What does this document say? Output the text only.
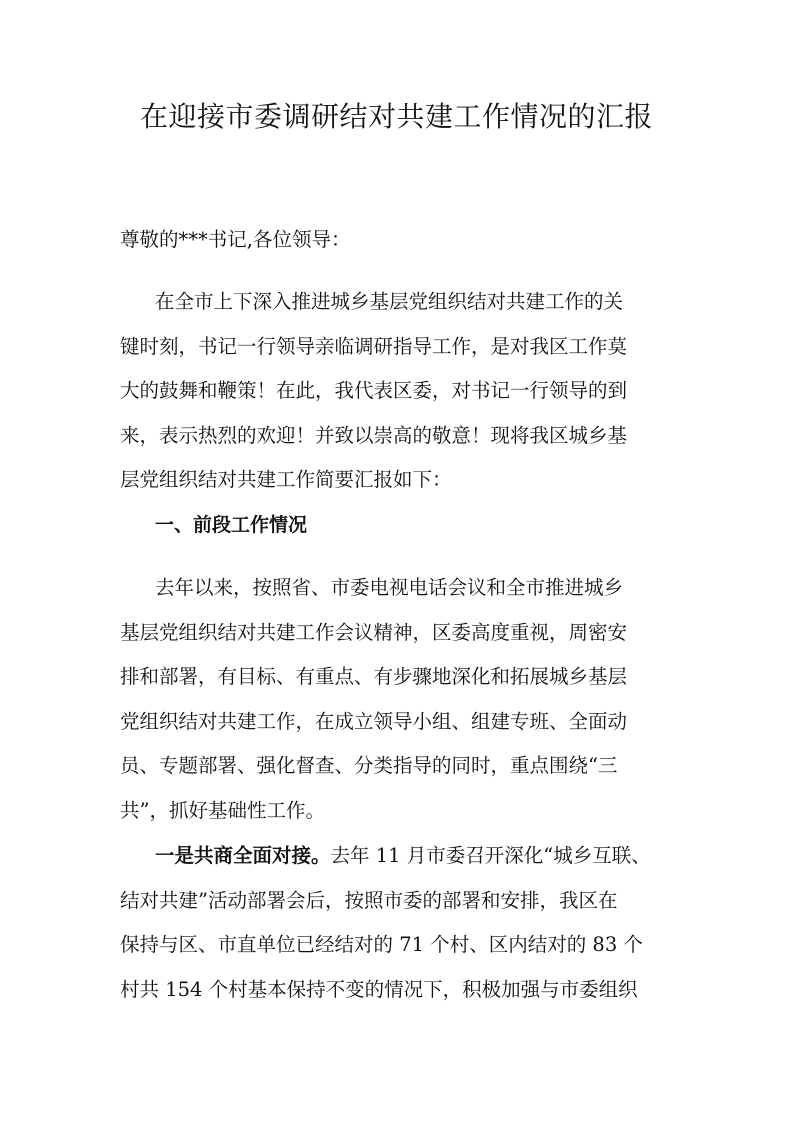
在迎接市委调研结对共建工作情况的汇报

尊敬的***书记,各位领导：

在全市上下深入推进城乡基层党组织结对共建工作的关
键时刻，书记一行领导亲临调研指导工作，是对我区工作莫
大的鼓舞和鞭策！在此，我代表区委，对书记一行领导的到
来，表示热烈的欢迎！并致以崇高的敬意！现将我区城乡基
层党组织结对共建工作简要汇报如下：

一、前段工作情况

去年以来，按照省、市委电视电话会议和全市推进城乡
基层党组织结对共建工作会议精神，区委高度重视，周密安
排和部署，有目标、有重点、有步骤地深化和拓展城乡基层
党组织结对共建工作，在成立领导小组、组建专班、全面动
员、专题部署、强化督查、分类指导的同时，重点围绕“三
共”，抓好基础性工作。

一是共商全面对接。去年 11 月市委召开深化“城乡互联、
结对共建”活动部署会后，按照市委的部署和安排，我区在
保持与区、市直单位已经结对的 71 个村、区内结对的 83 个
村共 154 个村基本保持不变的情况下，积极加强与市委组织
